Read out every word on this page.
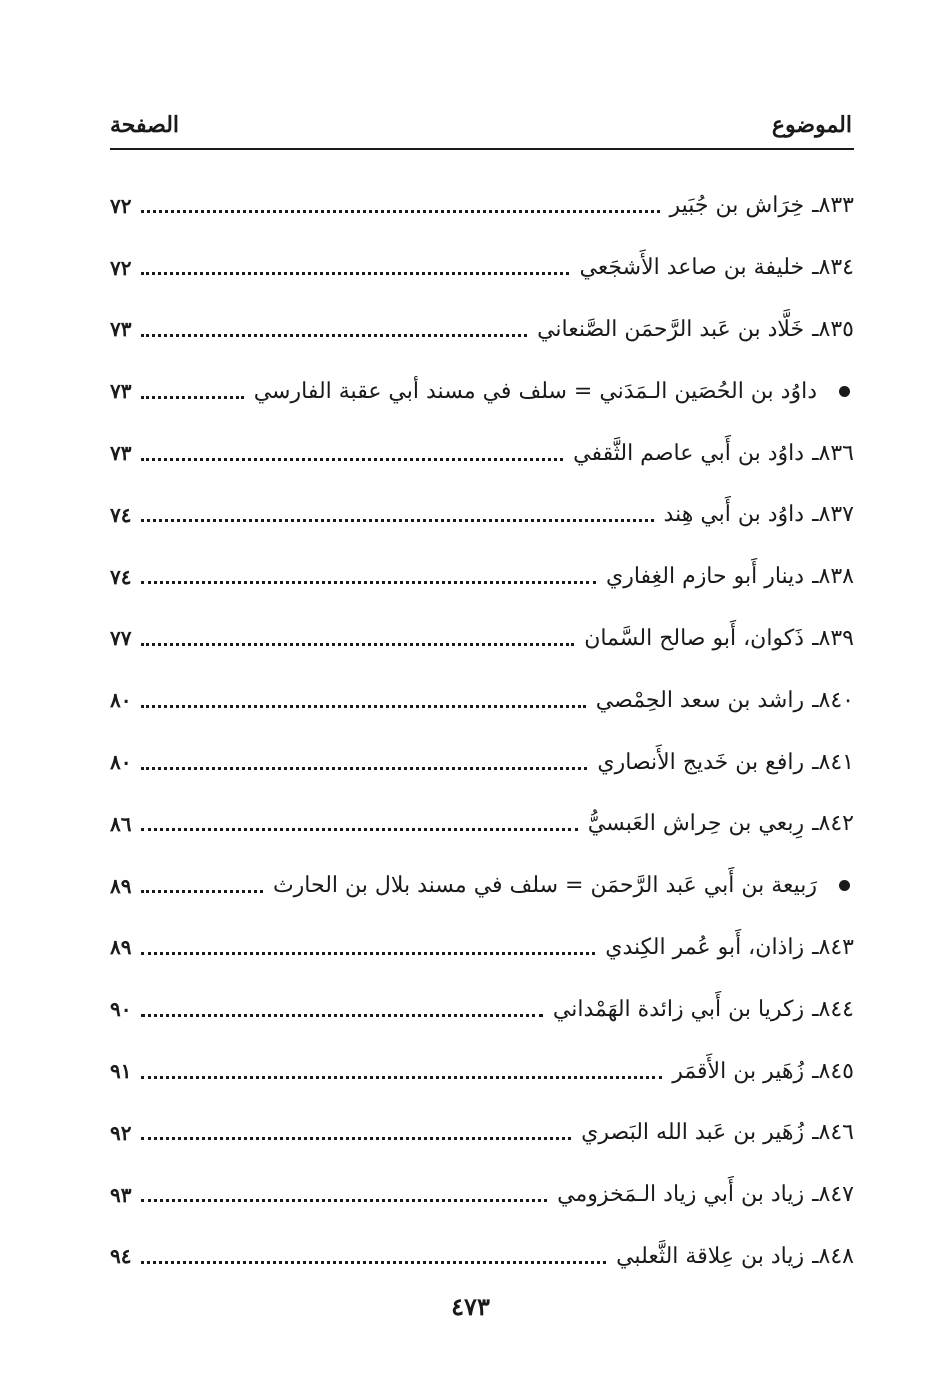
الموضوع
الصفحة
٨٣٣ـ
خِرَاش بن جُبَير
٧٢
٨٣٤ـ
خليفة بن صاعد الأَشجَعي
٧٢
٨٣٥ـ
خَلَّاد بن عَبد الرَّحمَن الصَّنعاني
٧٣
داوُد بن الحُصَين الـمَدَني = سلف في مسند أبي عقبة الفارسي
٧٣
٨٣٦ـ
داوُد بن أَبي عاصم الثَّقفي
٧٣
٨٣٧ـ
داوُد بن أَبي هِند
٧٤
٨٣٨ـ
دينار أَبو حازم الغِفاري
٧٤
٨٣٩ـ
ذَكوان، أَبو صالح السَّمان
٧٧
٨٤٠ـ
راشد بن سعد الحِمْصي
٨٠
٨٤١ـ
رافع بن خَديج الأَنصاري
٨٠
٨٤٢ـ
رِبعي بن حِراش العَبسيُّ
٨٦
رَبيعة بن أَبي عَبد الرَّحمَن = سلف في مسند بلال بن الحارث
٨٩
٨٤٣ـ
زاذان، أَبو عُمر الكِندي
٨٩
٨٤٤ـ
زكريا بن أَبي زائدة الهَمْداني
٩٠
٨٤٥ـ
زُهَير بن الأَقمَر
٩١
٨٤٦ـ
زُهَير بن عَبد الله البَصري
٩٢
٨٤٧ـ
زياد بن أَبي زياد الـمَخزومي
٩٣
٨٤٨ـ
زياد بن عِلاقة الثَّعلبي
٩٤
٤٧٣
